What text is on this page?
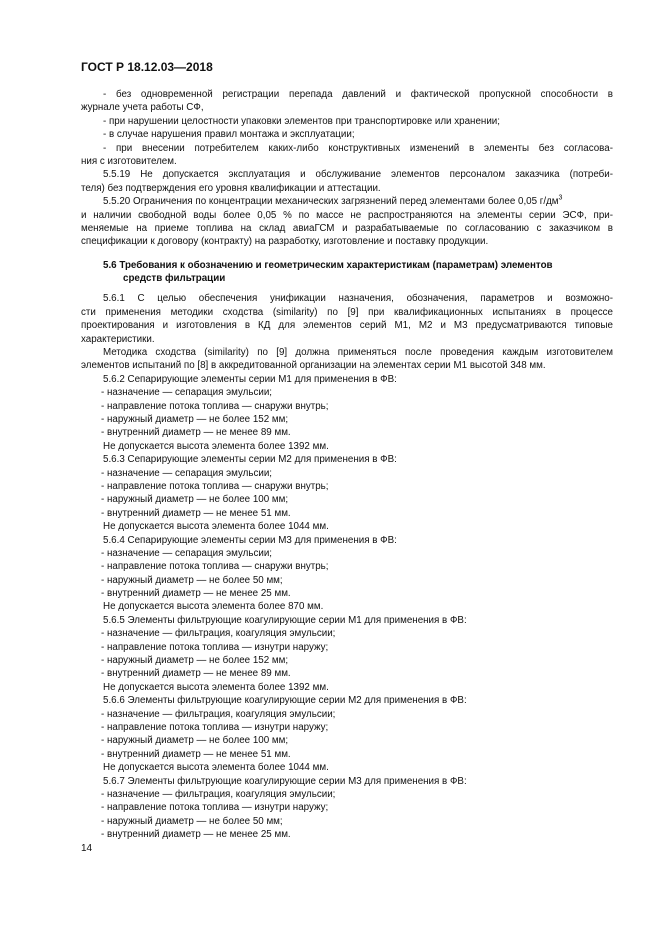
ГОСТ Р 18.12.03—2018
- без одновременной регистрации перепада давлений и фактической пропускной способности в
журнале учета работы СФ,
- при нарушении целостности упаковки элементов при транспортировке или хранении;
- в случае нарушения правил монтажа и эксплуатации;
- при внесении потребителем каких-либо конструктивных изменений в элементы без согласова-
ния с изготовителем.
5.5.19 Не допускается эксплуатация и обслуживание элементов персоналом заказчика (потреби-
теля) без подтверждения его уровня квалификации и аттестации.
5.5.20 Ограничения по концентрации механических загрязнений перед элементами более 0,05 $г/дм^3$
и наличии свободной воды более 0,05 % по массе не распространяются на элементы серии ЭСФ, при-
меняемые на приеме топлива на склад авиаГСМ и разрабатываемые по согласованию с заказчиком в
спецификации к договору (контракту) на разработку, изготовление и поставку продукции.
5.6 Требования к обозначению и геометрическим характеристикам (параметрам) элементов
средств фильтрации
5.6.1 С целью обеспечения унификации назначения, обозначения, параметров и возможно-
сти применения методики сходства (similarity) по [9] при квалификационных испытаниях в процессе
проектирования и изготовления в КД для элементов серий М1, М2 и М3 предусматриваются типовые
характеристики.
Методика сходства (similarity) по [9] должна применяться после проведения каждым изготовителем
элементов испытаний по [8] в аккредитованной организации на элементах серии М1 высотой 348 мм.
5.6.2 Сепарирующие элементы серии М1 для применения в ФВ:
- назначение — сепарация эмульсии;
- направление потока топлива — снаружи внутрь;
- наружный диаметр — не более 152 мм;
- внутренний диаметр — не менее 89 мм.
Не допускается высота элемента более 1392 мм.
5.6.3 Сепарирующие элементы серии М2 для применения в ФВ:
- назначение — сепарация эмульсии;
- направление потока топлива — снаружи внутрь;
- наружный диаметр — не более 100 мм;
- внутренний диаметр — не менее 51 мм.
Не допускается высота элемента более 1044 мм.
5.6.4 Сепарирующие элементы серии М3 для применения в ФВ:
- назначение — сепарация эмульсии;
- направление потока топлива — снаружи внутрь;
- наружный диаметр — не более 50 мм;
- внутренний диаметр — не менее 25 мм.
Не допускается высота элемента более 870 мм.
5.6.5 Элементы фильтрующие коагулирующие серии М1 для применения в ФВ:
- назначение — фильтрация, коагуляция эмульсии;
- направление потока топлива — изнутри наружу;
- наружный диаметр — не более 152 мм;
- внутренний диаметр — не менее 89 мм.
Не допускается высота элемента более 1392 мм.
5.6.6 Элементы фильтрующие коагулирующие серии М2 для применения в ФВ:
- назначение — фильтрация, коагуляция эмульсии;
- направление потока топлива — изнутри наружу;
- наружный диаметр — не более 100 мм;
- внутренний диаметр — не менее 51 мм.
Не допускается высота элемента более 1044 мм.
5.6.7 Элементы фильтрующие коагулирующие серии М3 для применения в ФВ:
- назначение — фильтрация, коагуляция эмульсии;
- направление потока топлива — изнутри наружу;
- наружный диаметр — не более 50 мм;
- внутренний диаметр — не менее 25 мм.
14
